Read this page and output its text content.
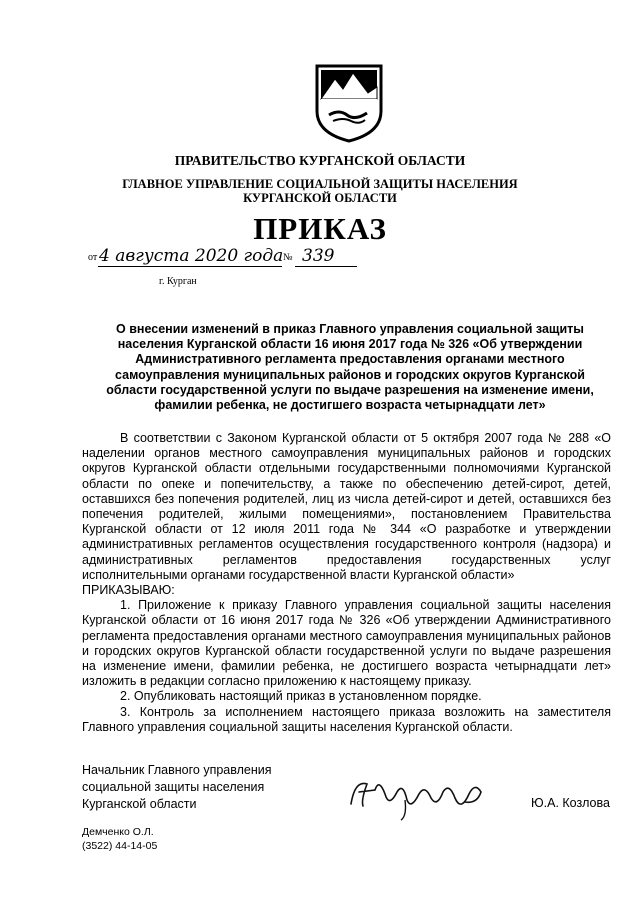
ПРАВИТЕЛЬСТВО КУРГАНСКОЙ ОБЛАСТИ
ГЛАВНОЕ УПРАВЛЕНИЕ СОЦИАЛЬНОЙ ЗАЩИТЫ НАСЕЛЕНИЯ
КУРГАНСКОЙ ОБЛАСТИ
ПРИКАЗ
от 4 августа 2020 года № 339
г. Курган
О внесении изменений в приказ Главного управления социальной защиты населения Курганской области 16 июня 2017 года № 326 «Об утверждении Административного регламента предоставления органами местного самоуправления муниципальных районов и городских округов Курганской области государственной услуги по выдаче разрешения на изменение имени, фамилии ребенка, не достигшего возраста четырнадцати лет»

В соответствии с Законом Курганской области от 5 октября 2007 года № 288 «О наделении органов местного самоуправления муниципальных районов и городских округов Курганской области отдельными государственными полномочиями Курганской области по опеке и попечительству, а также по обеспечению детей-сирот, детей, оставшихся без попечения родителей, лиц из числа детей-сирот и детей, оставшихся без попечения родителей, жилыми помещениями», постановлением Правительства Курганской области от 12 июля 2011 года № 344 «О разработке и утверждении административных регламентов осуществления государственного контроля (надзора) и административных регламентов предоставления государственных услуг исполнительными органами государственной власти Курганской области»

ПРИКАЗЫВАЮ:

1. Приложение к приказу Главного управления социальной защиты населения Курганской области от 16 июня 2017 года № 326 «Об утверждении Административного регламента предоставления органами местного самоуправления муниципальных районов и городских округов Курганской области государственной услуги по выдаче разрешения на изменение имени, фамилии ребенка, не достигшего возраста четырнадцати лет» изложить в редакции согласно приложению к настоящему приказу.

2. Опубликовать настоящий приказ в установленном порядке.

3. Контроль за исполнением настоящего приказа возложить на заместителя Главного управления социальной защиты населения Курганской области.

Начальник Главного управления
социальной защиты населения
Курганской области	Ю.А. Козлова
Демченко О.Л.
(3522) 44-14-05
